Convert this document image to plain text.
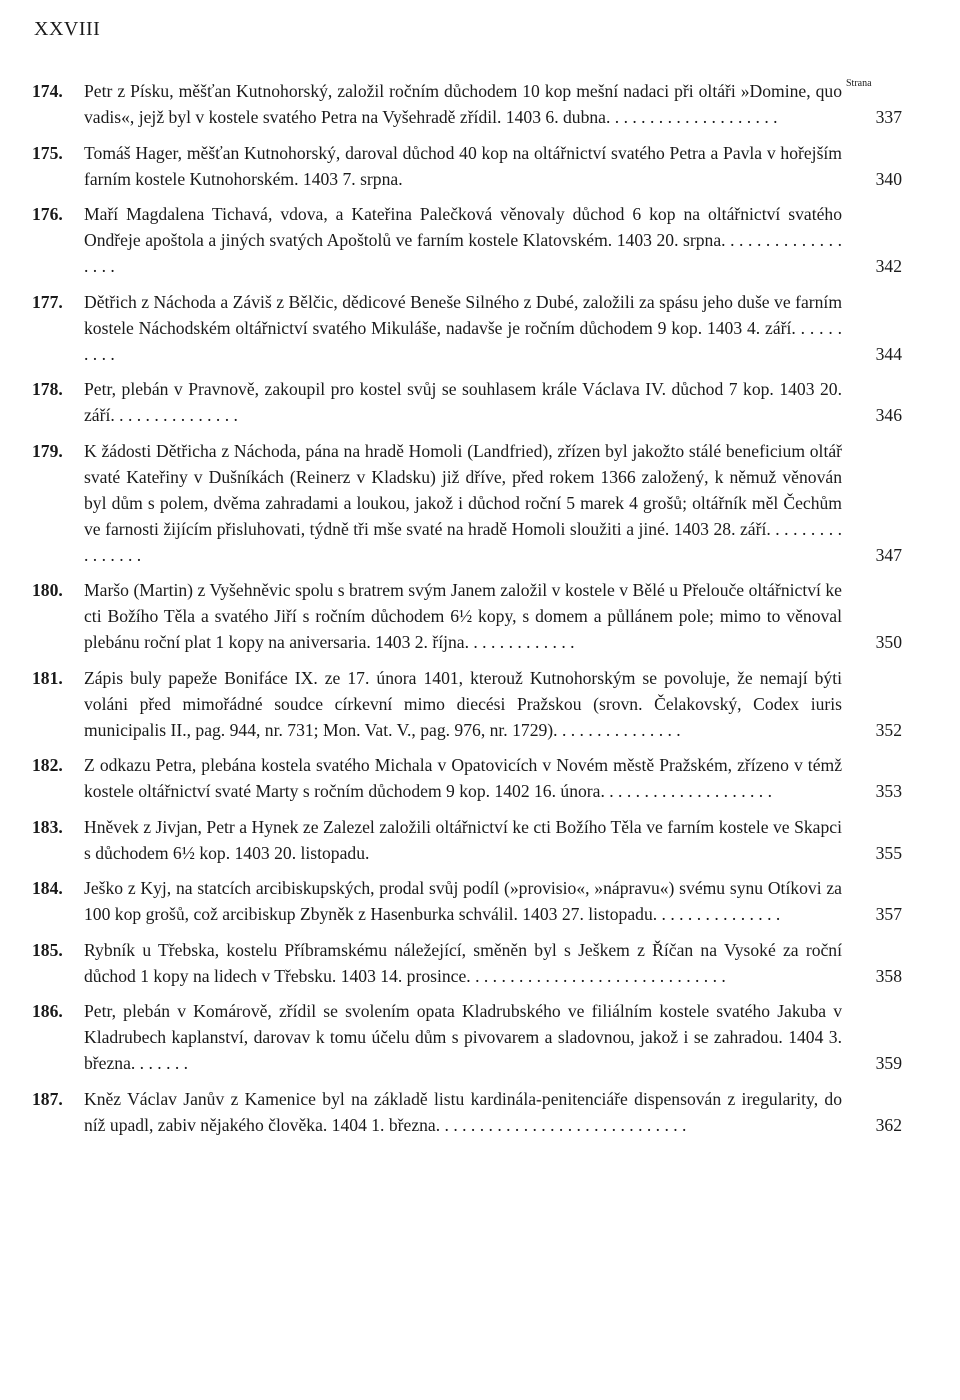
XXVIII
Strana
174.	Petr z Písku, měšťan Kutnohorský, založil ročním důchodem 10 kop mešní nadaci při oltáři »Domine, quo vadis«, jejž byl v kostele svatého Petra na Vyšehradě zřídil. 1403 6. dubna. . . . . . . . . . . . . . . . . . . .	337
175.	Tomáš Hager, měšťan Kutnohorský, daroval důchod 40 kop na oltářnictví svatého Petra a Pavla v hořejším farním kostele Kutnohorském. 1403 7. srpna.	340
176.	Maří Magdalena Tichavá, vdova, a Kateřina Palečková věnovaly důchod 6 kop na oltářnictví svatého Ondřeje apoštola a jiných svatých Apoštolů ve farním kostele Klatovském. 1403 20. srpna. . . . . . . . . . . . . . . . . .	342
177.	Dětřich z Náchoda a Záviš z Bělčic, dědicové Beneše Silného z Dubé, založili za spásu jeho duše ve farním kostele Náchodském oltářnictví svatého Mikuláše, nadavše je ročním důchodem 9 kop. 1403 4. září. . . . . . . . . .	344
178.	Petr, plebán v Pravnově, zakoupil pro kostel svůj se souhlasem krále Václava IV. důchod 7 kop. 1403 20. září. . . . . . . . . . . . . . .	346
179.	K žádosti Dětřicha z Náchoda, pána na hradě Homoli (Landfried), zřízen byl jakožto stálé beneficium oltář svaté Kateřiny v Dušníkách (Reinerz v Kladsku) již dříve, před rokem 1366 založený, k němuž věnován byl dům s polem, dvěma zahradami a loukou, jakož i důchod roční 5 marek 4 grošů; oltářník měl Čechům ve farnosti žijícím přisluhovati, týdně tři mše svaté na hradě Homoli sloužiti a jiné. 1403 28. září. . . . . . . . . . . . . . . .	347
180.	Maršo (Martin) z Vyšehněvic spolu s bratrem svým Janem založil v kostele v Bělé u Přelouče oltářnictví ke cti Božího Těla a svatého Jiří s ročním důchodem 6½ kopy, s domem a půllánem pole; mimo to věnoval plebánu roční plat 1 kopy na aniversaria. 1403 2. října. . . . . . . . . . . . .	350
181.	Zápis buly papeže Bonifáce IX. ze 17. února 1401, kterouž Kutnohorským se povoluje, že nemají býti voláni před mimořádné soudce církevní mimo diecési Pražskou (srovn. Čelakovský, Codex iuris municipalis II., pag. 944, nr. 731; Mon. Vat. V., pag. 976, nr. 1729). . . . . . . . . . . . . . .	352
182.	Z odkazu Petra, plebána kostela svatého Michala v Opatovicích v Novém městě Pražském, zřízeno v témž kostele oltářnictví svaté Marty s ročním důchodem 9 kop. 1402 16. února. . . . . . . . . . . . . . . . . . . .	353
183.	Hněvek z Jivjan, Petr a Hynek ze Zalezel založili oltářnictví ke cti Božího Těla ve farním kostele ve Skapci s důchodem 6½ kop. 1403 20. listopadu.	355
184.	Ješko z Kyj, na statcích arcibiskupských, prodal svůj podíl (»provisio«, »nápravu«) svému synu Otíkovi za 100 kop grošů, což arcibiskup Zbyněk z Hasenburka schválil. 1403 27. listopadu. . . . . . . . . . . . . . .	357
185.	Rybník u Třebska, kostelu Příbramskému náležející, směněn byl s Ješkem z Říčan na Vysoké za roční důchod 1 kopy na lidech v Třebsku. 1403 14. prosince. . . . . . . . . . . . . . . . . . . . . . . . . . . . . .	358
186.	Petr, plebán v Komárově, zřídil se svolením opata Kladrubského ve filiálním kostele svatého Jakuba v Kladrubech kaplanství, darovav k tomu účelu dům s pivovarem a sladovnou, jakož i se zahradou. 1404 3. března. . . . . . .	359
187.	Kněz Václav Janův z Kamenice byl na základě listu kardinála-penitenciáře dispensován z iregularity, do níž upadl, zabiv nějakého člověka. 1404 1. března. . . . . . . . . . . . . . . . . . . . . . . . . . . . .	362
